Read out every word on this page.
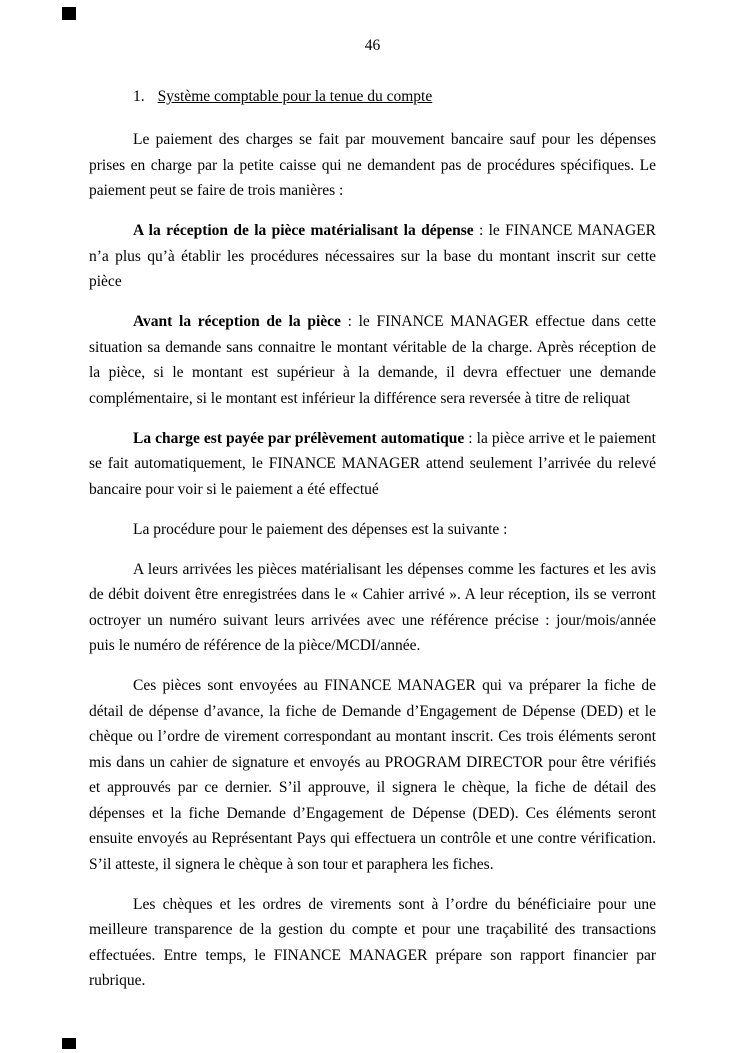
46
1. Système comptable pour la tenue du compte

Le paiement des charges se fait par mouvement bancaire sauf pour les dépenses prises en charge par la petite caisse qui ne demandent pas de procédures spécifiques. Le paiement peut se faire de trois manières :

A la réception de la pièce matérialisant la dépense : le FINANCE MANAGER n’a plus qu’à établir les procédures nécessaires sur la base du montant inscrit sur cette pièce

Avant la réception de la pièce : le FINANCE MANAGER effectue dans cette situation sa demande sans connaitre le montant véritable de la charge. Après réception de la pièce, si le montant est supérieur à la demande, il devra effectuer une demande complémentaire, si le montant est inférieur la différence sera reversée à titre de reliquat

La charge est payée par prélèvement automatique : la pièce arrive et le paiement se fait automatiquement, le FINANCE MANAGER attend seulement l’arrivée du relevé bancaire pour voir si le paiement a été effectué

La procédure pour le paiement des dépenses est la suivante :

A leurs arrivées les pièces matérialisant les dépenses comme les factures et les avis de débit doivent être enregistrées dans le « Cahier arrivé ». A leur réception, ils se verront octroyer un numéro suivant leurs arrivées avec une référence précise : jour/mois/année puis le numéro de référence de la pièce/MCDI/année.

Ces pièces sont envoyées au FINANCE MANAGER qui va préparer la fiche de détail de dépense d’avance, la fiche de Demande d’Engagement de Dépense (DED) et le chèque ou l’ordre de virement correspondant au montant inscrit. Ces trois éléments seront mis dans un cahier de signature et envoyés au PROGRAM DIRECTOR pour être vérifiés et approuvés par ce dernier. S’il approuve, il signera le chèque, la fiche de détail des dépenses et la fiche Demande d’Engagement de Dépense (DED). Ces éléments seront ensuite envoyés au Représentant Pays qui effectuera un contrôle et une contre vérification. S’il atteste, il signera le chèque à son tour et paraphera les fiches.

Les chèques et les ordres de virements sont à l’ordre du bénéficiaire pour une meilleure transparence de la gestion du compte et pour une traçabilité des transactions effectuées. Entre temps, le FINANCE MANAGER prépare son rapport financier par rubrique.
